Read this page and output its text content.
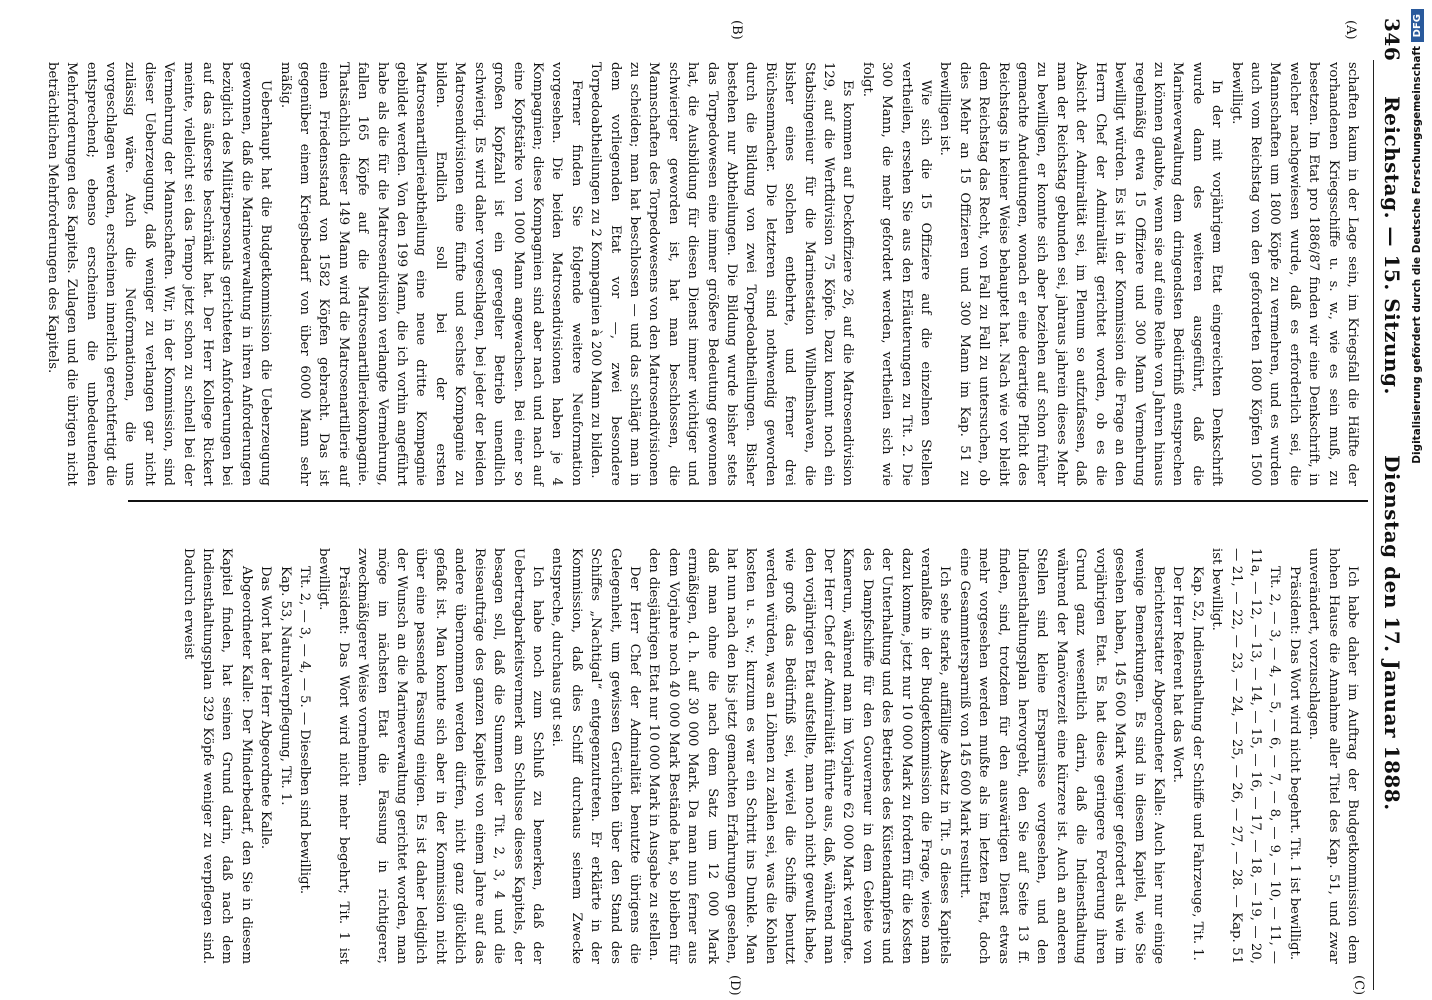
346
Reichstag. — 15. Sitzung.
Dienstag den 17. Januar 1888.
(A)
(B)
(C)
(D)

schaften kaum in der Lage sein, im Kriegsfall die Hälfte der vorhandenen Kriegsschiffe u. s. w., wie es sein muß, zu besetzen. Im Etat pro 1886/87 finden wir eine Denkschrift, in welcher nachgewiesen wurde, daß es erforderlich sei, die Mannschaften um 1800 Köpfe zu vermehren, und es wurden auch vom Reichstag von den geforderten 1800 Köpfen 1500 bewilligt.

In der mit vorjährigem Etat eingereichten Denkschrift wurde dann des weiteren ausgeführt, daß die Marineverwaltung dem dringendsten Bedürfniß entsprechen zu können glaubte, wenn sie auf eine Reihe von Jahren hinaus regelmäßig etwa 15 Offiziere und 300 Mann Vermehrung bewilligt würden. Es ist in der Kommission die Frage an den Herrn Chef der Admiralität gerichtet worden, ob es die Absicht der Admiralität sei, im Plenum so aufzufassen, daß man der Reichstag gebunden sei, jahraus jahrein dieses Mehr zu bewilligen, er konnte sich aber beziehen auf schon früher gemachte Andeutungen, wonach er eine derartige Pflicht des Reichstags in keiner Weise behauptet hat. Nach wie vor bleibt dem Reichstag das Recht, von Fall zu Fall zu untersuchen, ob dies Mehr an 15 Offizieren und 300 Mann im Kap. 51 zu bewilligen ist.

Wie sich die 15 Offiziere auf die einzelnen Stellen vertheilen, ersehen Sie aus den Erläuterungen zu Tit. 2. Die 300 Mann, die mehr gefordert werden, vertheilen sich wie folgt.

Es kommen auf Deckoffiziere 26, auf die Matrosendivision 129, auf die Werftdivision 75 Köpfe. Dazu kommt noch ein Stabsingenieur für die Marinestation Wilhelmshaven, die bisher eines solchen entbehrte, und ferner drei Büchsenmacher. Die letzteren sind nothwendig geworden durch die Bildung von zwei Torpedoabtheilungen. Bisher bestehen nur Abtheilungen. Die Bildung wurde bisher stets das Torpedowesen eine immer größere Bedeutung gewonnen hat, die Ausbildung für diesen Dienst immer wichtiger und schwieriger geworden ist, hat man beschlossen, die Mannschaften des Torpedowesens von den Matrosendivisionen zu scheiden; man hat beschlossen — und das schlägt man in dem vorliegenden Etat vor —, zwei besondere Torpedoabtheilungen zu 2 Kompagnien à 200 Mann zu bilden.

Ferner finden Sie folgende weitere Neuformation vorgesehen. Die beiden Matrosendivisionen haben je 4 Kompagnien; diese Kompagnien sind aber nach und nach auf eine Kopfstärke von 1000 Mann angewachsen. Bei einer so großen Kopfzahl ist ein geregelter Betrieb unendlich schwierig. Es wird daher vorgeschlagen, bei jeder der beiden Matrosendivisionen eine fünfte und sechste Kompagnie zu bilden. Endlich soll bei der ersten Matrosenartillerieabtheilung eine neue dritte Kompagnie gebildet werden. Von den 199 Mann, die ich vorhin angeführt habe als die für die Matrosendivision verlangte Vermehrung, fallen 165 Köpfe auf die Matrosenartilleriekompagnie. Thatsächlich dieser 149 Mann wird die Matrosenartillerie auf einen Friedensstand von 1582 Köpfen gebracht. Das ist gegenüber einem Kriegsbedarf von über 6000 Mann sehr mäßig.

Ueberhaupt hat die Budgetkommission die Ueberzeugung gewonnen, daß die Marineverwaltung in ihren Anforderungen bezüglich des Militärpersonals gerichteten Anforderungen bei auf das äußerste beschränkt hat. Der Herr Kollege Rickert meinte, vielleicht sei das Tempo jetzt schon zu schnell bei der Vermehrung der Mannschaften. Wir, in der Kommission, sind dieser Ueberzeugung, daß weniger zu verlangen gar nicht zulässig wäre. Auch die Neuformationen, die uns vorgeschlagen werden, erscheinen innerlich gerechtfertigt die entsprechend; ebenso erscheinen die unbedeutenden Mehrforderungen des Kapitels. Zulagen und die übrigen nicht beträchtlichen Mehrforderungen des Kapitels.

Ich habe daher im Auftrag der Budgetkommission dem hohen Hause die Annahme aller Titel des Kap. 51, und zwar unverändert, vorzuschlagen.

Präsident: Das Wort wird nicht begehrt. Tit. 1 ist bewilligt.

Tit. 2, — 3, — 4, — 5, — 6, — 7, — 8, — 9, — 10, — 11, — 11a, — 12, — 13, — 14, — 15, — 16, — 17, — 18, — 19, — 20, — 21, — 22, — 23, — 24, — 25, — 26, — 27, — 28. — Kap. 51 ist bewilligt.

Kap. 52, Indiensthaltung der Schiffe und Fahrzeuge, Tit. 1.

Der Herr Referent hat das Wort.

Berichterstatter Abgeordneter Kalle: Auch hier nur einige wenige Bemerkungen. Es sind in diesem Kapitel, wie Sie gesehen haben, 145 600 Mark weniger gefordert als wie im vorjährigen Etat. Es hat diese geringere Forderung ihren Grund ganz wesentlich darin, daß die Indiensthaltung während der Manöverzeit eine kürzere ist. Auch an anderen Stellen sind kleine Ersparnisse vorgesehen, und den Indiensthaltungsplan hervorgeht, den Sie auf Seite 13 ff. finden, sind, trotzdem für den auswärtigen Dienst etwas mehr vorgesehen werden mußte als im letzten Etat, doch eine Gesammtersparniß von 145 600 Mark resultirt.

Ich sehe starke, auffällige Absatz in Tit. 5 dieses Kapitels veranlaßte in der Budgetkommission die Frage, wieso man dazu komme, jetzt nur 10 000 Mark zu fordern für die Kosten der Unterhaltung und des Betriebes des Küstendampfers und des Dampfschiffe für den Gouverneur in dem Gebiete von Kamerun, während man im Vorjahre 62 000 Mark verlangte. Der Herr Chef der Admiralität führte aus, daß, während man den vorjährigen Etat aufstellte, man noch nicht gewußt habe, wie groß das Bedürfniß sei, wieviel die Schiffe benutzt werden würden, was an Löhnen zu zahlen sei, was die Kohlen kosten u. s. w.; kurzum es war ein Schritt ins Dunkle. Man hat nun nach den bis jetzt gemachten Erfahrungen gesehen, daß man ohne die nach dem Satz um 12 000 Mark ermäßigen, d. h. auf 30 000 Mark. Da man nun ferner aus dem Vorjahre noch 40 000 Mark Bestände hat, so bleiben für den diesjährigen Etat nur 10 000 Mark in Ausgabe zu stellen.

Der Herr Chef der Admiralität benutzte übrigens die Gelegenheit, um gewissen Gerüchten über den Stand des Schiffes „Nachtigal“ entgegenzutreten. Er erklärte in der Kommission, daß dies Schiff durchaus seinem Zwecke entspreche, durchaus gut sei.

Ich habe noch zum Schluß zu bemerken, daß der Uebertragbarkeitsvermerk am Schlusse dieses Kapitels, der besagen soll, daß die Summen der Tit. 2, 3, 4 und die Reiseaufträge des ganzen Kapitels von einem Jahre auf das andere übernommen werden dürfen, nicht ganz glücklich gefaßt ist. Man konnte sich aber in der Kommission nicht über eine passende Fassung einigen. Es ist daher lediglich der Wunsch an die Marineverwaltung gerichtet worden, man möge im nächsten Etat die Fassung in richtigerer, zweckmäßigerer Weise vornehmen.

Präsident: Das Wort wird nicht mehr begehrt; Tit. 1 ist bewilligt.

Tit. 2, — 3, — 4, — 5. — Dieselben sind bewilligt.

Kap. 53, Naturalverpflegung, Tit. 1.

Das Wort hat der Herr Abgeordnete Kalle.

Abgeordneter Kalle: Der Minderbedarf, den Sie in diesem Kapitel finden, hat seinen Grund darin, daß nach dem Indiensthaltungsplan 329 Köpfe weniger zu verpflegen sind. Dadurch erweist

Digitalisierung gefördert durch die Deutsche Forschungsgemeinschaft DFG
